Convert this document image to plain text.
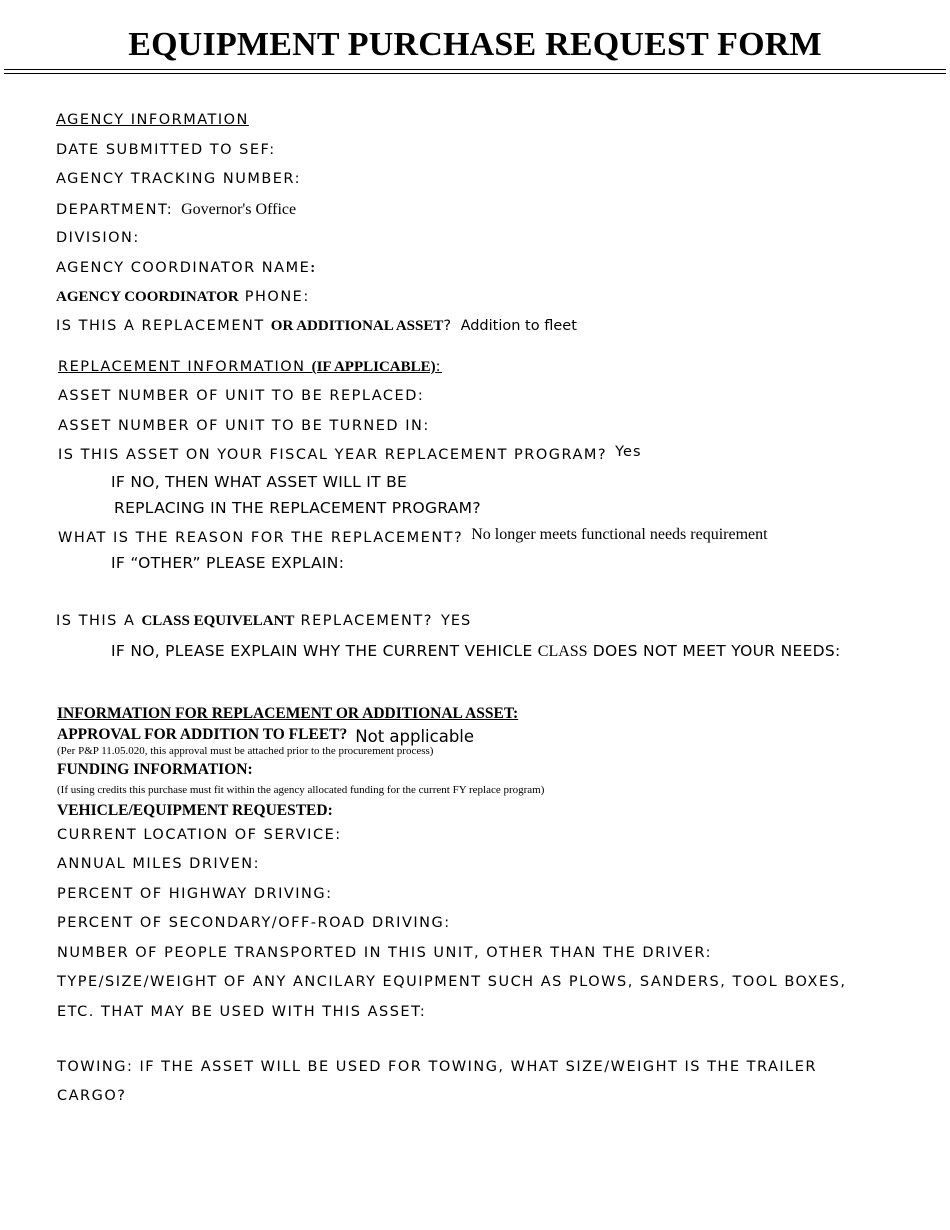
EQUIPMENT PURCHASE REQUEST FORM
AGENCY INFORMATION
DATE SUBMITTED TO SEF:
AGENCY TRACKING NUMBER:
DEPARTMENT: Governor's Office
DIVISION:
AGENCY COORDINATOR NAME:
AGENCY COORDINATOR PHONE:
IS THIS A REPLACEMENT OR ADDITIONAL ASSET? Addition to fleet
REPLACEMENT INFORMATION (IF APPLICABLE):
ASSET NUMBER OF UNIT TO BE REPLACED:
ASSET NUMBER OF UNIT TO BE TURNED IN:
IS THIS ASSET ON YOUR FISCAL YEAR REPLACEMENT PROGRAM? Yes
IF NO, THEN WHAT ASSET WILL IT BE
REPLACING IN THE REPLACEMENT PROGRAM?
WHAT IS THE REASON FOR THE REPLACEMENT? No longer meets functional needs requirement
IF “OTHER” PLEASE EXPLAIN:
IS THIS A CLASS EQUIVELANT REPLACEMENT? YES
IF NO, PLEASE EXPLAIN WHY THE CURRENT VEHICLE CLASS DOES NOT MEET YOUR NEEDS:
INFORMATION FOR REPLACEMENT OR ADDITIONAL ASSET:
APPROVAL FOR ADDITION TO FLEET? Not applicable
(Per P&P 11.05.020, this approval must be attached prior to the procurement process)
FUNDING INFORMATION:
(If using credits this purchase must fit within the agency allocated funding for the current FY replace program)
VEHICLE/EQUIPMENT REQUESTED:
CURRENT LOCATION OF SERVICE:
ANNUAL MILES DRIVEN:
PERCENT OF HIGHWAY DRIVING:
PERCENT OF SECONDARY/OFF-ROAD DRIVING:
NUMBER OF PEOPLE TRANSPORTED IN THIS UNIT, OTHER THAN THE DRIVER:
TYPE/SIZE/WEIGHT OF ANY ANCILARY EQUIPMENT SUCH AS PLOWS, SANDERS, TOOL BOXES,
ETC. THAT MAY BE USED WITH THIS ASSET:
TOWING: IF THE ASSET WILL BE USED FOR TOWING, WHAT SIZE/WEIGHT IS THE TRAILER
CARGO?
